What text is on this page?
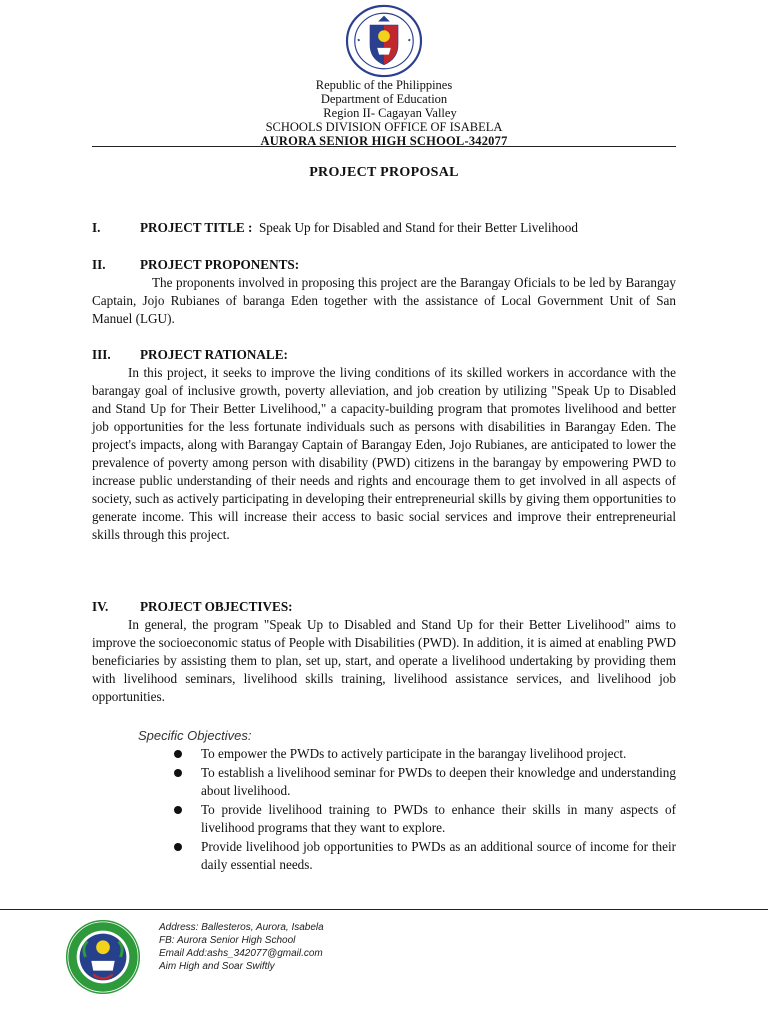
Republic of the Philippines
Department of Education
Region II- Cagayan Valley
SCHOOLS DIVISION OFFICE OF ISABELA
AURORA SENIOR HIGH SCHOOL-342077
PROJECT PROPOSAL
I.	PROJECT TITLE : Speak Up for Disabled and Stand for their Better Livelihood
II.	PROJECT PROPONENTS:
The proponents involved in proposing this project are the Barangay Oficials to be led by Barangay Captain, Jojo Rubianes of baranga Eden together with the assistance of Local Government Unit of San Manuel (LGU).
III. PROJECT RATIONALE:
In this project, it seeks to improve the living conditions of its skilled workers in accordance with the barangay goal of inclusive growth, poverty alleviation, and job creation by utilizing "Speak Up to Disabled and Stand Up for Their Better Livelihood," a capacity-building program that promotes livelihood and better job opportunities for the less fortunate individuals such as persons with disabilities in Barangay Eden. The project's impacts, along with Barangay Captain of Barangay Eden, Jojo Rubianes, are anticipated to lower the prevalence of poverty among person with disability (PWD) citizens in the barangay by empowering PWD to increase public understanding of their needs and rights and encourage them to get involved in all aspects of society, such as actively participating in developing their entrepreneurial skills by giving them opportunities to generate income. This will increase their access to basic social services and improve their entrepreneurial skills through this project.
IV. PROJECT OBJECTIVES:
In general, the program "Speak Up to Disabled and Stand Up for their Better Livelihood" aims to improve the socioeconomic status of People with Disabilities (PWD). In addition, it is aimed at enabling PWD beneficiaries by assisting them to plan, set up, start, and operate a livelihood undertaking by providing them with livelihood seminars, livelihood skills training, livelihood assistance services, and livelihood job opportunities.
Specific Objectives:
To empower the PWDs to actively participate in the barangay livelihood project.
To establish a livelihood seminar for PWDs to deepen their knowledge and understanding about livelihood.
To provide livelihood training to PWDs to enhance their skills in many aspects of livelihood programs that they want to explore.
Provide livelihood job opportunities to PWDs as an additional source of income for their daily essential needs.
Address: Ballesteros, Aurora, Isabela
FB: Aurora Senior High School
Email Add:ashs_342077@gmail.com
Aim High and Soar Swiftly
